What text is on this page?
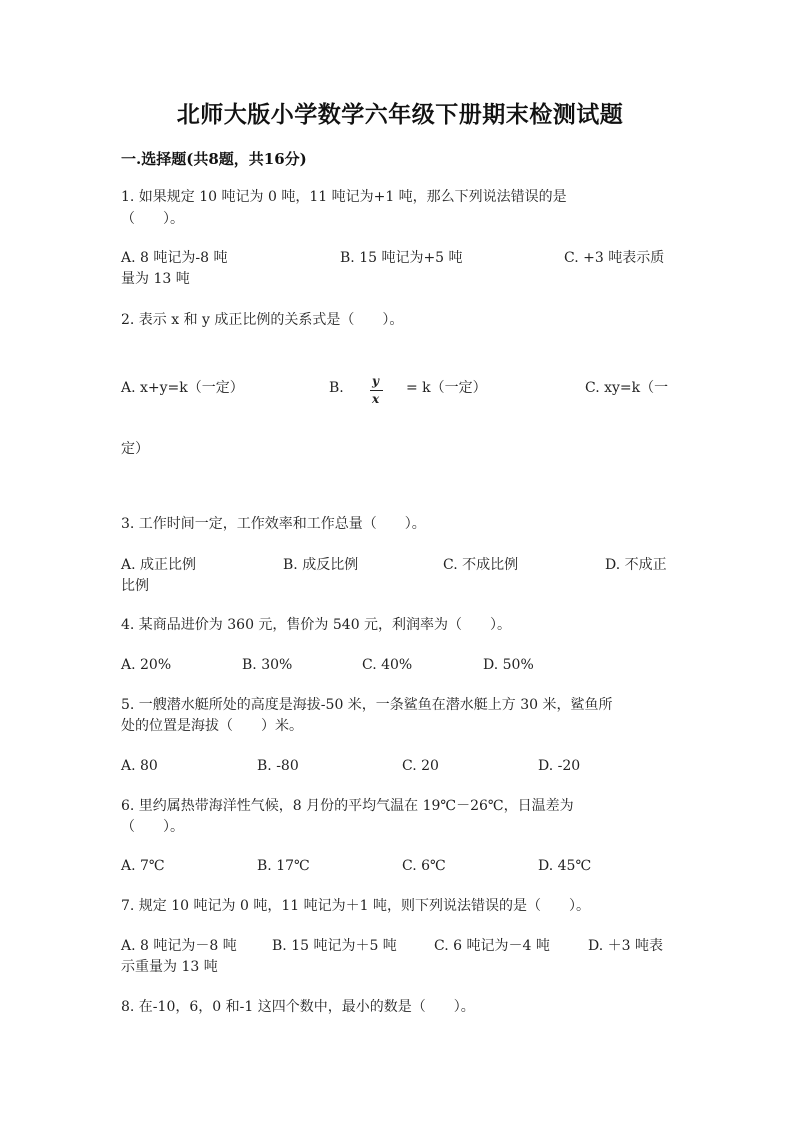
北师大版小学数学六年级下册期末检测试题
一.选择题(共8题，共16分)
1. 如果规定 10 吨记为 0 吨，11 吨记为+1 吨，那么下列说法错误的是
（　　）。
A. 8 吨记为-8 吨	B. 15 吨记为+5 吨	C. +3 吨表示质
量为 13 吨
2. 表示 x 和 y 成正比例的关系式是（　　）。
A. x+y=k（一定）	B. y
x
= k（一定）	C. xy=k（一
定）
3. 工作时间一定，工作效率和工作总量（　　）。
A. 成正比例	B. 成反比例	C. 不成比例	D. 不成正
比例
4. 某商品进价为 360 元，售价为 540 元，利润率为（　　）。
A. 20%	B. 30%	C. 40%	D. 50%
5. 一艘潜水艇所处的高度是海拔-50 米，一条鲨鱼在潜水艇上方 30 米，鲨鱼所
处的位置是海拔（　　）米。
A. 80	B. -80	C. 20	D. -20
6. 里约属热带海洋性气候，8 月份的平均气温在 19℃－26℃，日温差为
（　　）。
A. 7℃	B. 17℃	C. 6℃	D. 45℃
7. 规定 10 吨记为 0 吨，11 吨记为＋1 吨，则下列说法错误的是（　　）。
A. 8 吨记为－8 吨	B. 15 吨记为＋5 吨	C. 6 吨记为－4 吨	D. ＋3 吨表
示重量为 13 吨
8. 在-10，6，0 和-1 这四个数中，最小的数是（　　）。
